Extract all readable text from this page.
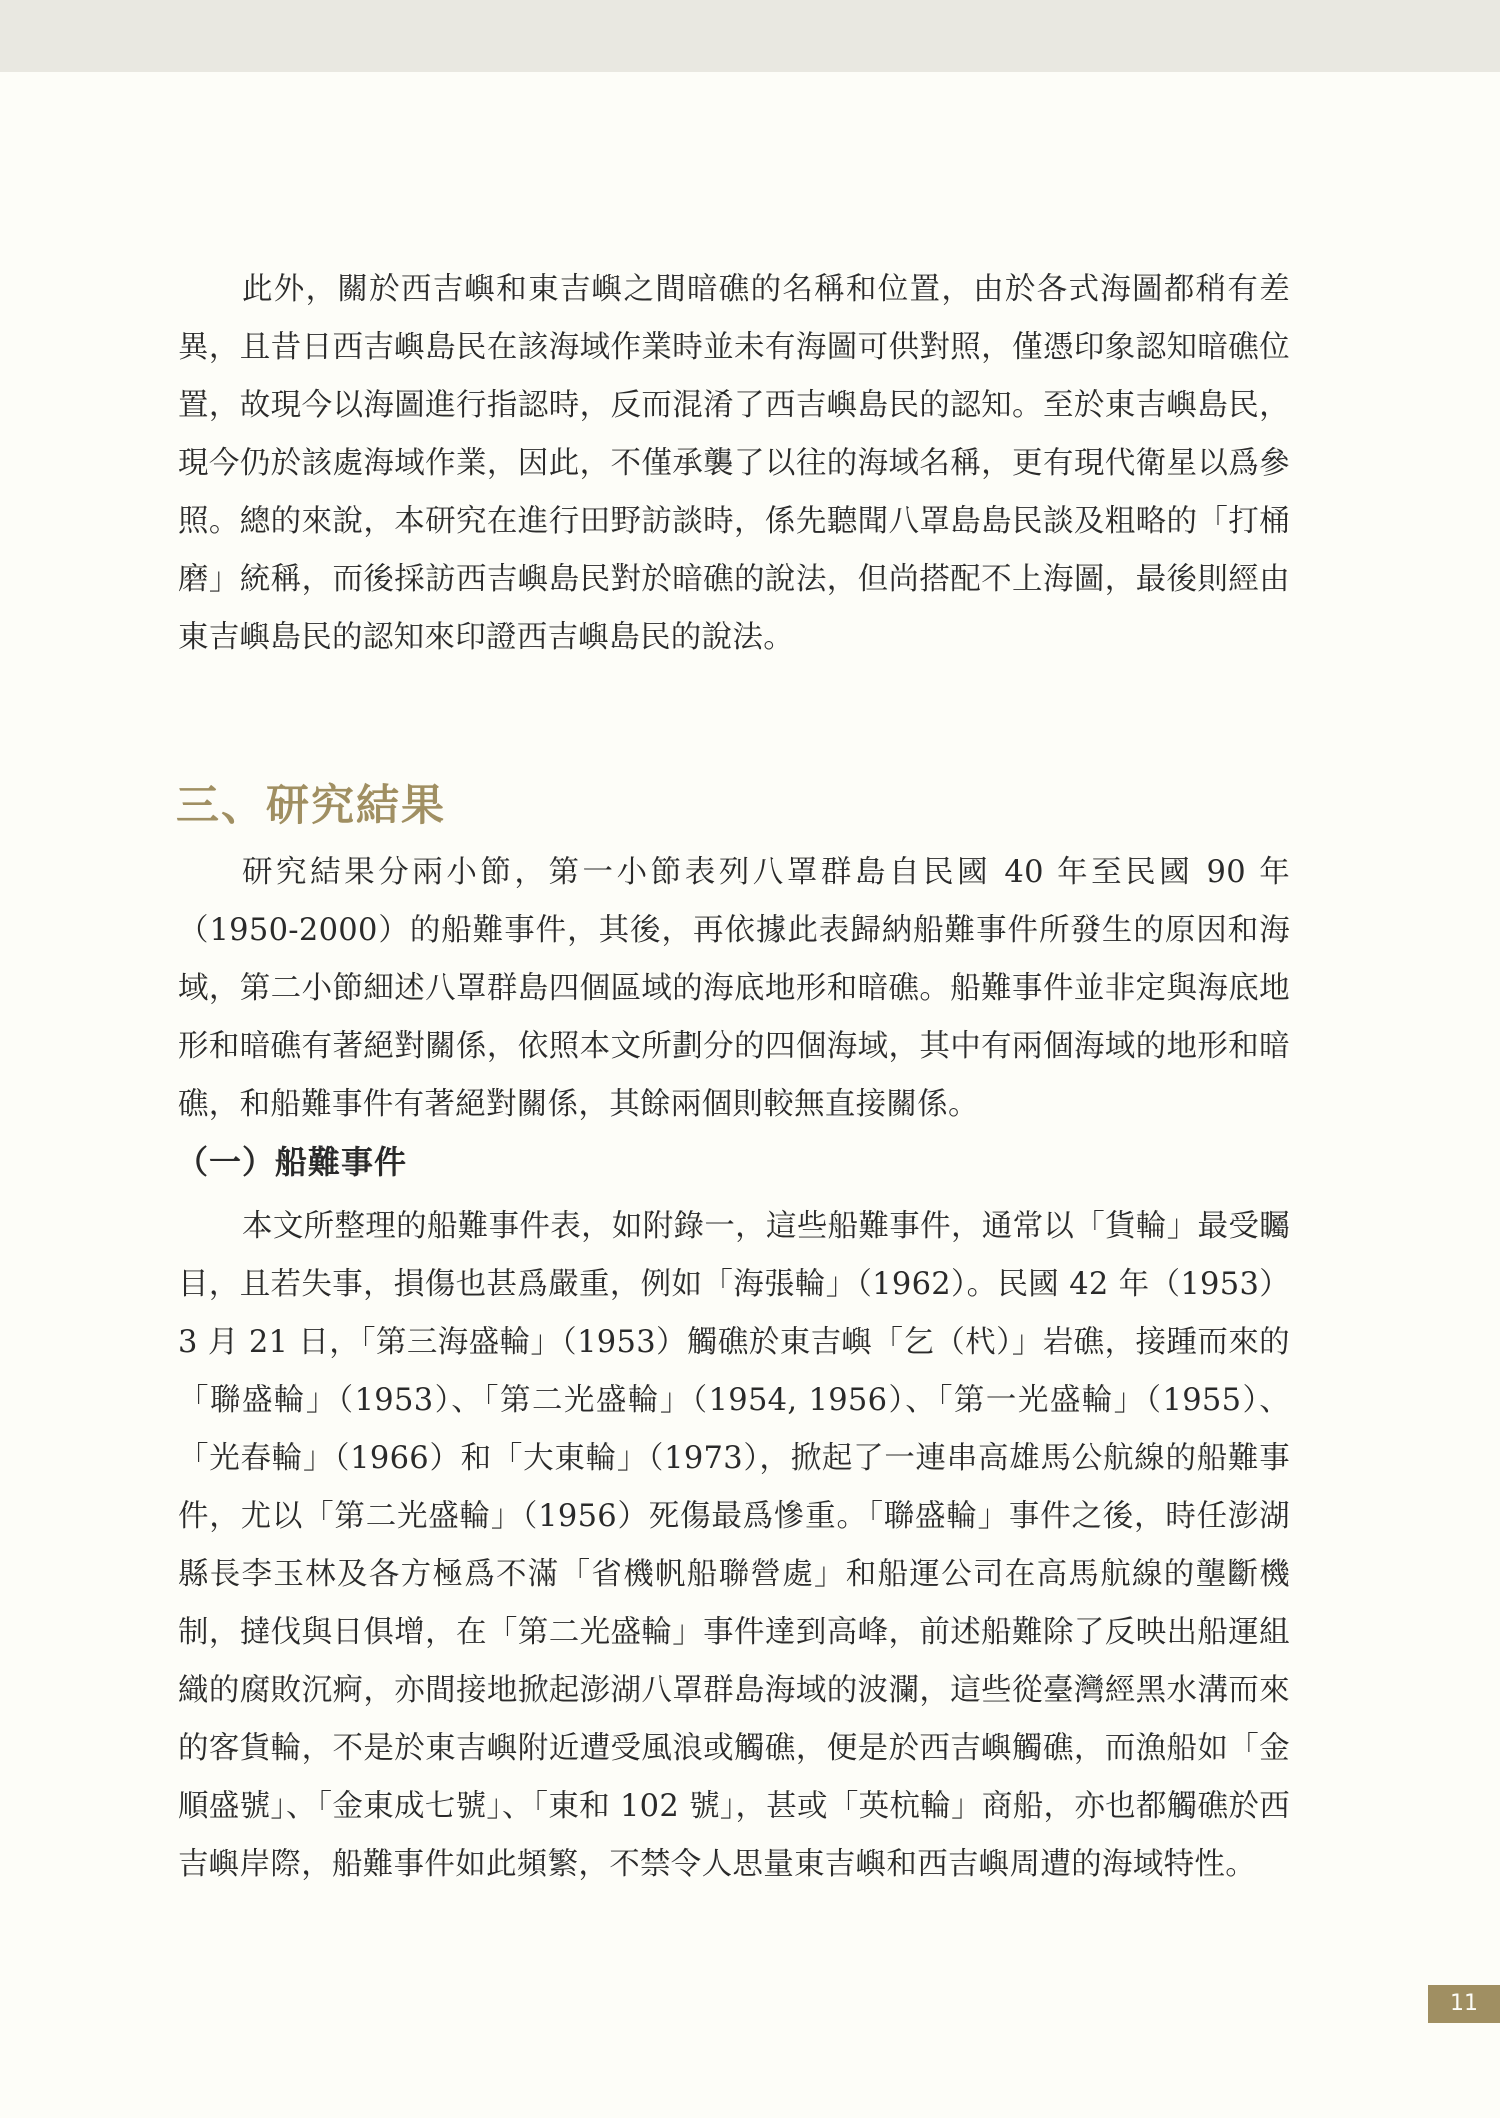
此外，關於西吉嶼和東吉嶼之間暗礁的名稱和位置，由於各式海圖都稍有差異，且昔日西吉嶼島民在該海域作業時並未有海圖可供對照，僅憑印象認知暗礁位置，故現今以海圖進行指認時，反而混淆了西吉嶼島民的認知。至於東吉嶼島民，現今仍於該處海域作業，因此，不僅承襲了以往的海域名稱，更有現代衛星以爲參照。總的來說，本研究在進行田野訪談時，係先聽聞八罩島島民談及粗略的「打桶磨」統稱，而後採訪西吉嶼島民對於暗礁的說法，但尚搭配不上海圖，最後則經由東吉嶼島民的認知來印證西吉嶼島民的說法。

三、研究結果

研究結果分兩小節，第一小節表列八罩群島自民國 40 年至民國 90 年（1950-2000）的船難事件，其後，再依據此表歸納船難事件所發生的原因和海域，第二小節細述八罩群島四個區域的海底地形和暗礁。船難事件並非定與海底地形和暗礁有著絕對關係，依照本文所劃分的四個海域，其中有兩個海域的地形和暗礁，和船難事件有著絕對關係，其餘兩個則較無直接關係。

（一）船難事件

本文所整理的船難事件表，如附錄一，這些船難事件，通常以「貨輪」最受矚目，且若失事，損傷也甚爲嚴重，例如「海張輪」（1962）。民國 42 年（1953）3 月 21 日，「第三海盛輪」（1953）觸礁於東吉嶼「乞（杙）」岩礁，接踵而來的「聯盛輪」（1953）、「第二光盛輪」（1954, 1956）、「第一光盛輪」（1955）、「光春輪」（1966）和「大東輪」（1973），掀起了一連串高雄馬公航線的船難事件，尤以「第二光盛輪」（1956）死傷最爲慘重。「聯盛輪」事件之後，時任澎湖縣長李玉林及各方極爲不滿「省機帆船聯營處」和船運公司在高馬航線的壟斷機制，撻伐與日俱增，在「第二光盛輪」事件達到高峰，前述船難除了反映出船運組織的腐敗沉痾，亦間接地掀起澎湖八罩群島海域的波瀾，這些從臺灣經黑水溝而來的客貨輪，不是於東吉嶼附近遭受風浪或觸礁，便是於西吉嶼觸礁，而漁船如「金順盛號」、「金東成七號」、「東和 102 號」，甚或「英杭輪」商船，亦也都觸礁於西吉嶼岸際，船難事件如此頻繁，不禁令人思量東吉嶼和西吉嶼周遭的海域特性。

11
